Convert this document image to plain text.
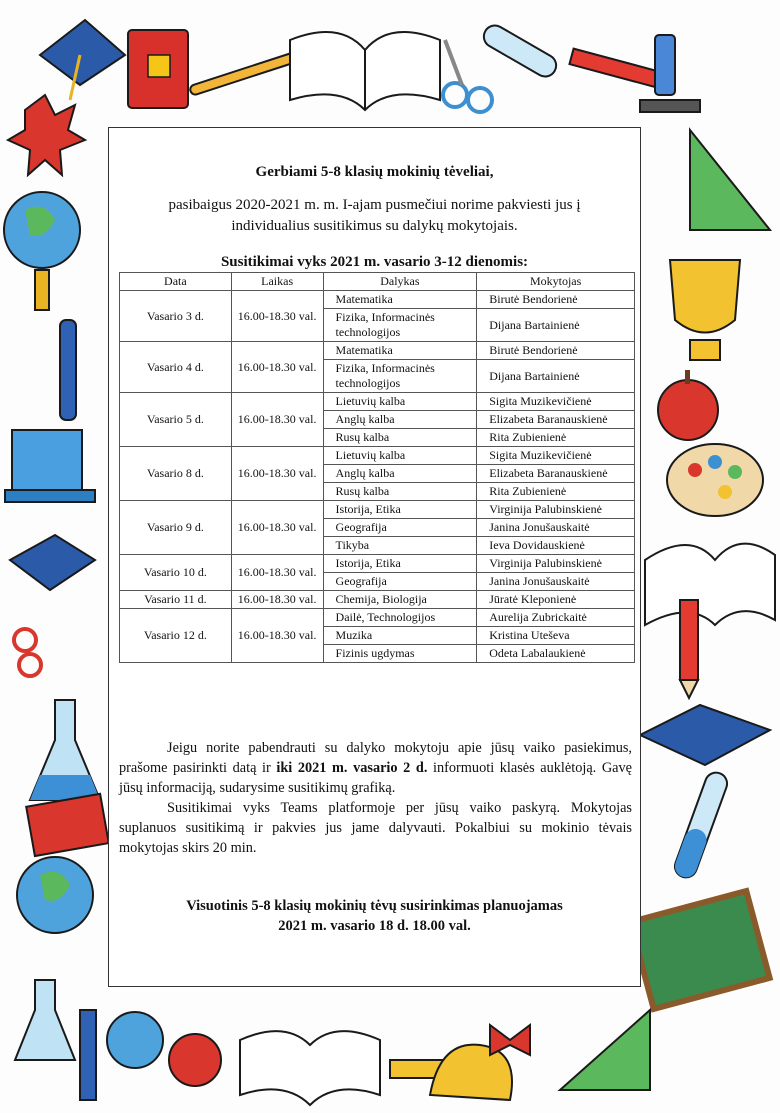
Gerbiami 5-8 klasių mokinių tėveliai,
pasibaigus 2020-2021 m. m. I-ajam pusmečiui norime pakviesti jus į
individualius susitikimus su dalykų mokytojais.
Susitikimai vyks 2021 m. vasario 3-12 dienomis:
Data	Laikas	Dalykas	Mokytojas
Vasario 3 d.	16.00-18.30 val.	Matematika	Birutė Bendorienė
		Fizika, Informacinės technologijos	Dijana Bartainienė
Vasario 4 d.	16.00-18.30 val.	Matematika	Birutė Bendorienė
		Fizika, Informacinės technologijos	Dijana Bartainienė
Vasario 5 d.	16.00-18.30 val.	Lietuvių kalba	Sigita Muzikevičienė
		Anglų kalba	Elizabeta Baranauskienė
		Rusų kalba	Rita Zubienienė
Vasario 8 d.	16.00-18.30 val.	Lietuvių kalba	Sigita Muzikevičienė
		Anglų kalba	Elizabeta Baranauskienė
		Rusų kalba	Rita Zubienienė
Vasario 9 d.	16.00-18.30 val.	Istorija, Etika	Virginija Palubinskienė
		Geografija	Janina Jonušauskaitė
		Tikyba	Ieva Dovidauskienė
Vasario 10 d.	16.00-18.30 val.	Istorija, Etika	Virginija Palubinskienė
		Geografija	Janina Jonušauskaitė
Vasario 11 d.	16.00-18.30 val.	Chemija, Biologija	Jūratė Kleponienė
Vasario 12 d.	16.00-18.30 val.	Dailė, Technologijos	Aurelija Zubrickaitė
		Muzika	Kristina Uteševa
		Fizinis ugdymas	Odeta Labalaukienė
Jeigu norite pabendrauti su dalyko mokytoju apie jūsų vaiko pasiekimus, prašome pasirinkti datą ir iki 2021 m. vasario 2 d. informuoti klasės auklėtoją. Gavę jūsų informaciją, sudarysime susitikimų grafiką.
Susitikimai vyks Teams platformoje per jūsų vaiko paskyrą. Mokytojas suplanuos susitikimą ir pakvies jus jame dalyvauti. Pokalbiui su mokinio tėvais mokytojas skirs 20 min.
Visuotinis 5-8 klasių mokinių tėvų susirinkimas planuojamas
2021 m. vasario 18 d. 18.00 val.
